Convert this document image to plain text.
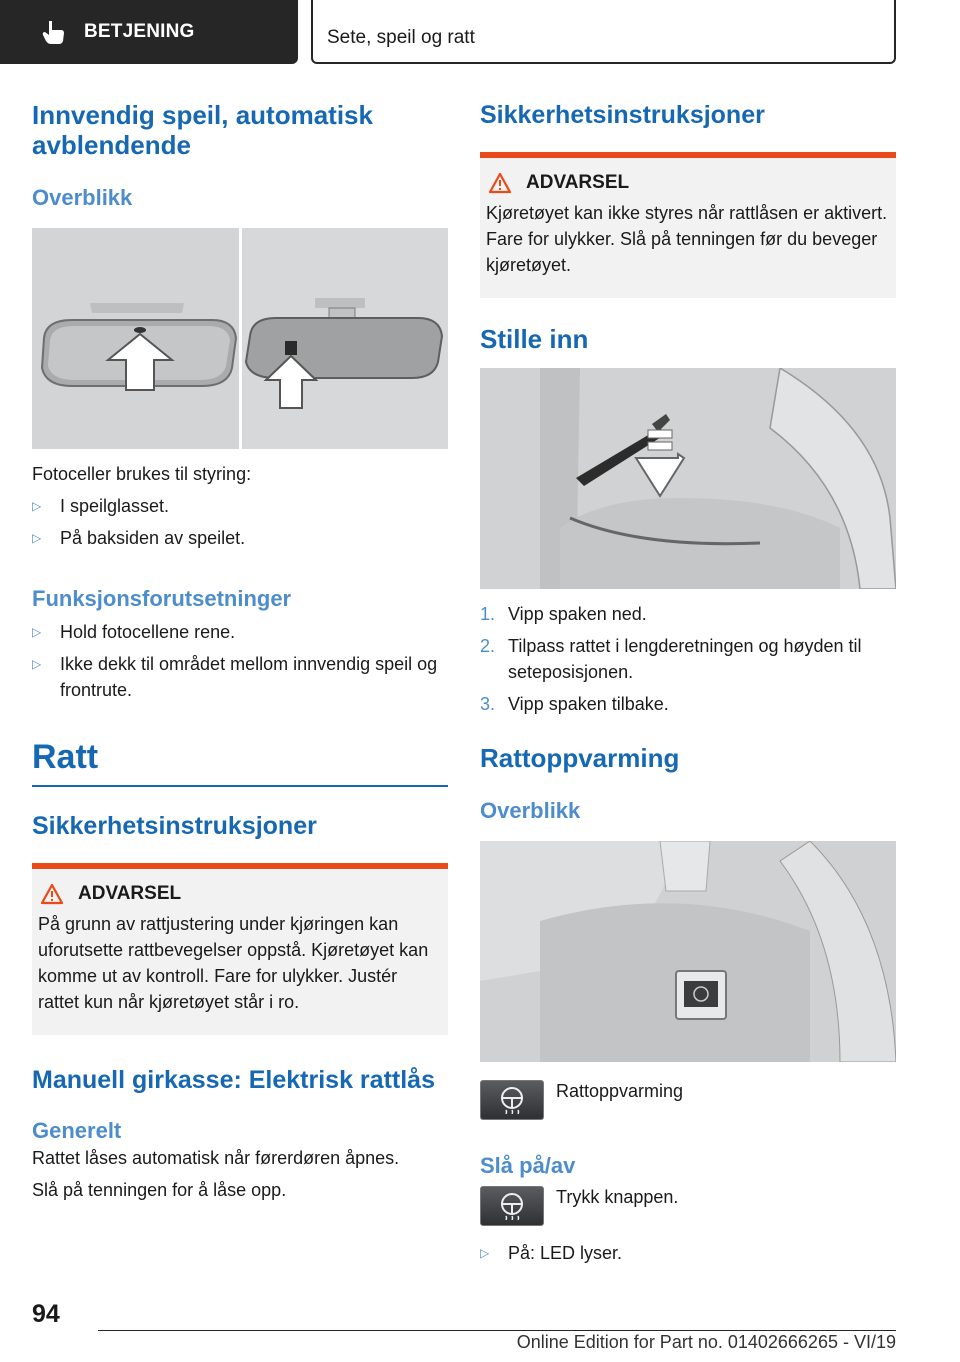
BETJENING	Sete, speil og ratt
Innvendig speil, automatisk avblendende
Overblikk
Fotoceller brukes til styring:
▷	I speilglasset.
▷	På baksiden av speilet.
Funksjonsforutsetninger
▷	Hold fotocellene rene.
▷	Ikke dekk til området mellom innvendig speil og frontrute.
Ratt
Sikkerhetsinstruksjoner
ADVARSEL
På grunn av rattjustering under kjøringen kan uforutsette rattbevegelser oppstå. Kjøretøyet kan komme ut av kontroll. Fare for ulykker. Justér rattet kun når kjøretøyet står i ro.
Manuell girkasse: Elektrisk rattlås
Generelt
Rattet låses automatisk når førerdøren åpnes.
Slå på tenningen for å låse opp.
Sikkerhetsinstruksjoner
ADVARSEL
Kjøretøyet kan ikke styres når rattlåsen er aktivert. Fare for ulykker. Slå på tenningen før du beveger kjøretøyet.
Stille inn
1. Vipp spaken ned.
2. Tilpass rattet i lengderetningen og høyden til seteposisjonen.
3. Vipp spaken tilbake.
Rattoppvarming
Overblikk
Rattoppvarming
Slå på/av
Trykk knappen.
▷	På: LED lyser.
94
Online Edition for Part no. 01402666265 - VI/19
